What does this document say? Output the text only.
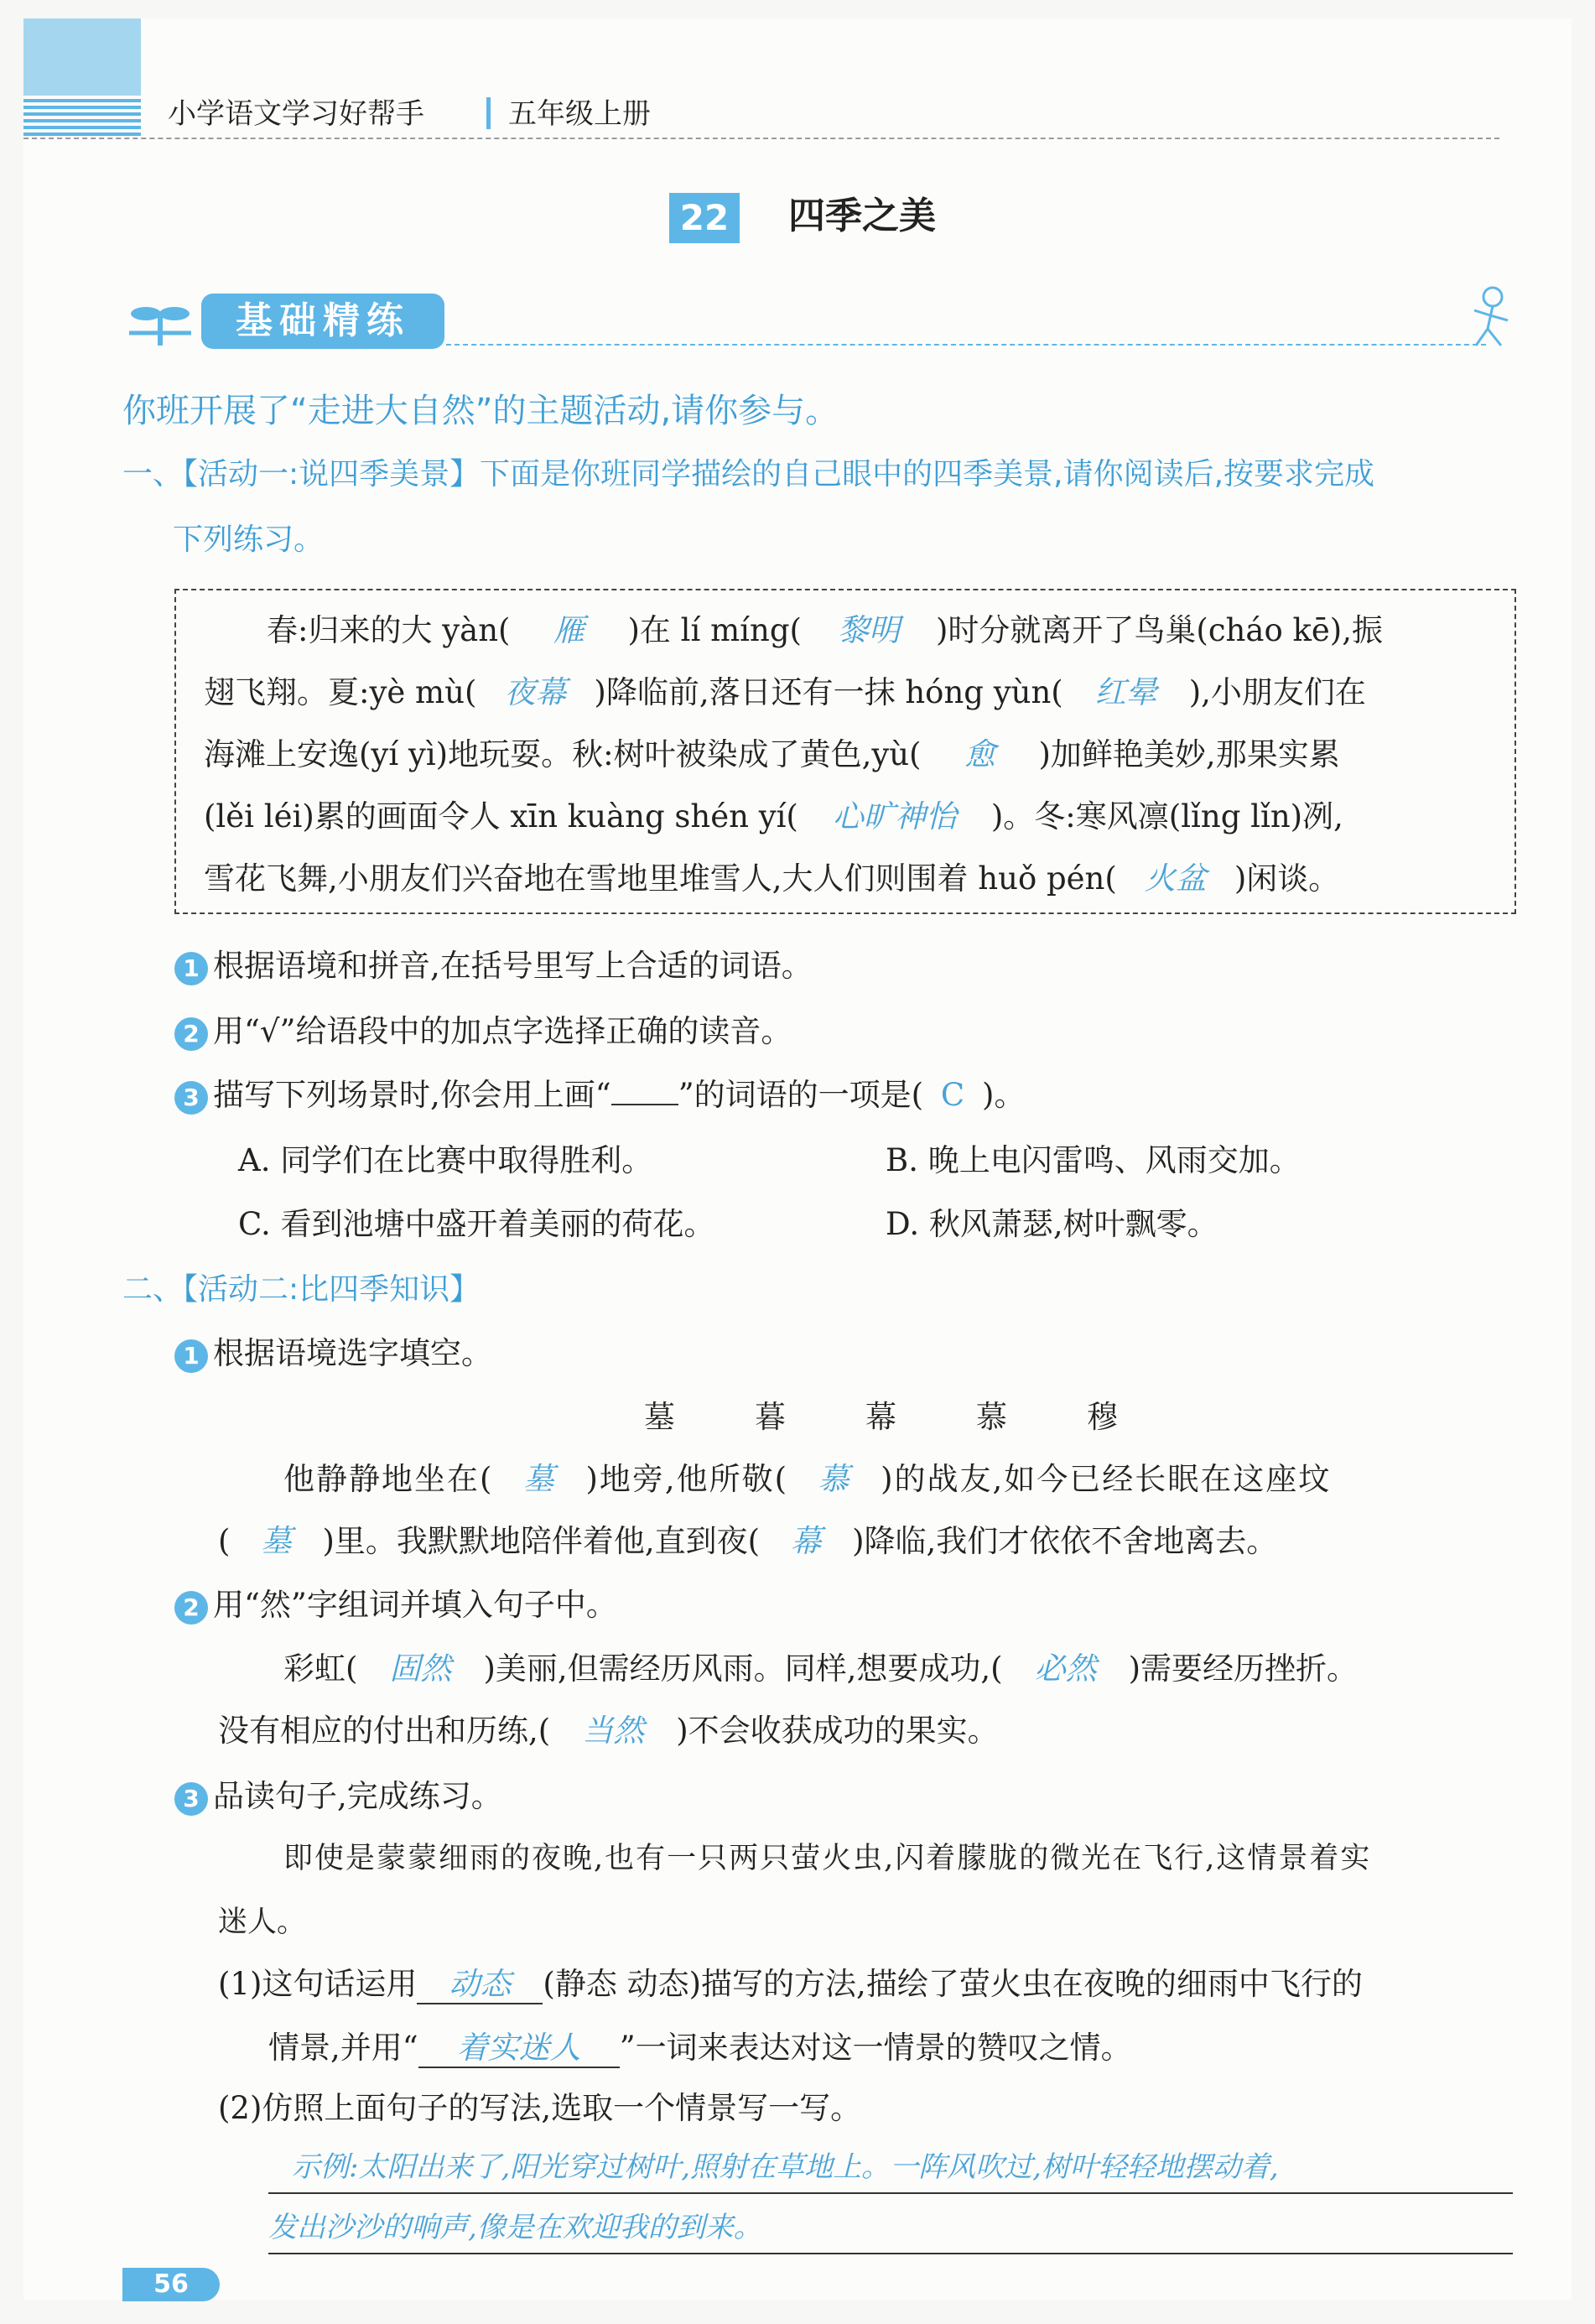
小学语文学习好帮手	五年级上册
22 四季之美
基础精练
你班开展了“走进大自然”的主题活动,请你参与。
一、【活动一:说四季美景】下面是你班同学描绘的自己眼中的四季美景,请你阅读后,按要求完成
下列练习。
春:归来的大 yàn( 雁 )在 lí míng( 黎明 )时分就离开了鸟巢(cháo kē),振
翅飞翔。夏:yè mù( 夜幕 )降临前,落日还有一抹 hóng yùn( 红晕 ),小朋友们在
海滩上安逸(yí yì)地玩耍。秋:树叶被染成了黄色,yù( 愈 )加鲜艳美妙,那果实累
(lěi léi)累的画面令人 xīn kuàng shén yí( 心旷神怡 )。冬:寒风凛(lǐng lǐn)冽,
雪花飞舞,小朋友们兴奋地在雪地里堆雪人,大人们则围着 huǒ pén( 火盆 )闲谈。
1 根据语境和拼音,在括号里写上合适的词语。
2 用“√”给语段中的加点字选择正确的读音。
3 描写下列场景时,你会用上画“ ”的词语的一项是( C )。
A. 同学们在比赛中取得胜利。	B. 晚上电闪雷鸣、风雨交加。
C. 看到池塘中盛开着美丽的荷花。	D. 秋风萧瑟,树叶飘零。
二、【活动二:比四季知识】
1 根据语境选字填空。
墓	暮	幕	慕	穆
他静静地坐在( 墓 )地旁,他所敬( 慕 )的战友,如今已经长眠在这座坟
( 墓 )里。我默默地陪伴着他,直到夜( 幕 )降临,我们才依依不舍地离去。
2 用“然”字组词并填入句子中。
彩虹( 固然 )美丽,但需经历风雨。同样,想要成功,( 必然 )需要经历挫折。
没有相应的付出和历练,( 当然 )不会收获成功的果实。
3 品读句子,完成练习。
即使是蒙蒙细雨的夜晚,也有一只两只萤火虫,闪着朦胧的微光在飞行,这情景着实
迷人。
(1)这句话运用 动态 (静态 动态)描写的方法,描绘了萤火虫在夜晚的细雨中飞行的
情景,并用“ 着实迷人 ”一词来表达对这一情景的赞叹之情。
(2)仿照上面句子的写法,选取一个情景写一写。
示例:太阳出来了,阳光穿过树叶,照射在草地上。一阵风吹过,树叶轻轻地摆动着,
发出沙沙的响声,像是在欢迎我的到来。
56
